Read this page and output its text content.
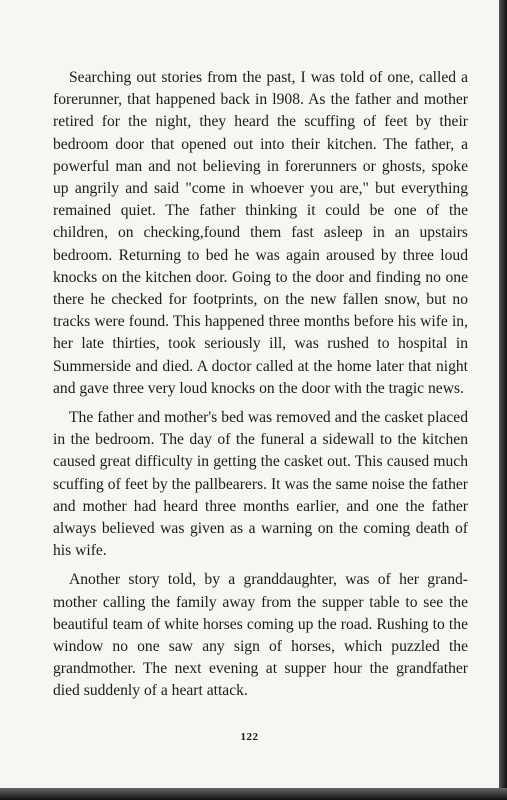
Searching out stories from the past, I was told of one, called a forerunner, that happened back in l908. As the father and mother retired for the night, they heard the scuffing of feet by their bedroom door that opened out into their kitchen. The father, a powerful man and not believing in forerunners or ghosts, spoke up angrily and said "come in whoever you are," but everything remained quiet. The father thinking it could be one of the children, on checking,found them fast asleep in an upstairs bedroom. Returning to bed he was again aroused by three loud knocks on the kitchen door. Going to the door and finding no one there he checked for footprints, on the new fallen snow, but no tracks were found. This happened three months before his wife in, her late thirties, took seriously ill, was rushed to hospital in Summerside and died. A doctor called at the home later that night and gave three very loud knocks on the door with the tragic news.

The father and mother's bed was removed and the casket placed in the bedroom. The day of the funeral a sidewall to the kitchen caused great difficulty in getting the casket out. This caused much scuffing of feet by the pallbearers. It was the same noise the father and mother had heard three months earlier, and one the father always believed was given as a warning on the coming death of his wife.

Another story told, by a granddaughter, was of her grand-mother calling the family away from the supper table to see the beautiful team of white horses coming up the road. Rushing to the window no one saw any sign of horses, which puzzled the grandmother. The next evening at supper hour the grandfather died suddenly of a heart attack.

122
